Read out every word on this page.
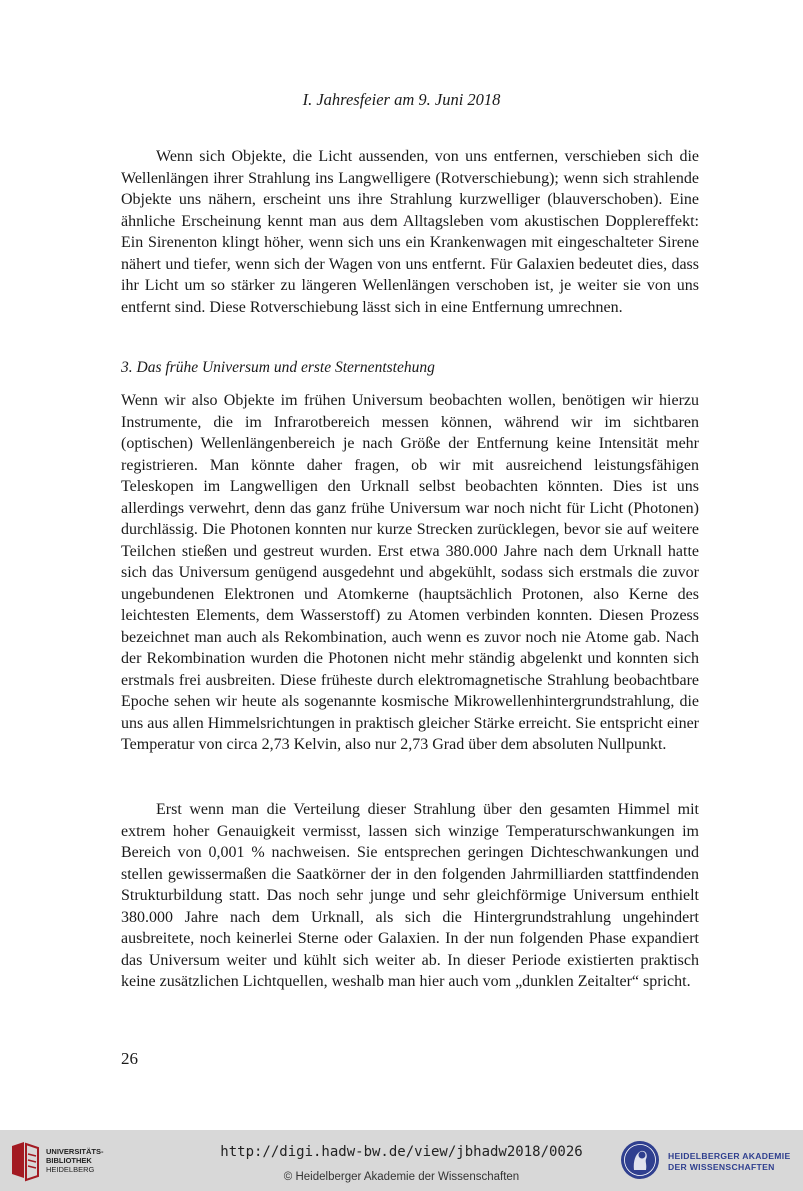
I. Jahresfeier am 9. Juni 2018

Wenn sich Objekte, die Licht aussenden, von uns entfernen, verschieben sich die Wellenlängen ihrer Strahlung ins Langwelligere (Rotverschiebung); wenn sich strahlende Objekte uns nähern, erscheint uns ihre Strahlung kurzwelliger (blauverschoben). Eine ähnliche Erscheinung kennt man aus dem Alltagsleben vom akustischen Dopplereffekt: Ein Sirenenton klingt höher, wenn sich uns ein Krankenwagen mit eingeschalteter Sirene nähert und tiefer, wenn sich der Wagen von uns entfernt. Für Galaxien bedeutet dies, dass ihr Licht um so stärker zu längeren Wellenlängen verschoben ist, je weiter sie von uns entfernt sind. Diese Rotverschiebung lässt sich in eine Entfernung umrechnen.

3. Das frühe Universum und erste Sternentstehung

Wenn wir also Objekte im frühen Universum beobachten wollen, benötigen wir hierzu Instrumente, die im Infrarotbereich messen können, während wir im sichtbaren (optischen) Wellenlängenbereich je nach Größe der Entfernung keine Intensität mehr registrieren. Man könnte daher fragen, ob wir mit ausreichend leistungsfähigen Teleskopen im Langwelligen den Urknall selbst beobachten könnten. Dies ist uns allerdings verwehrt, denn das ganz frühe Universum war noch nicht für Licht (Photonen) durchlässig. Die Photonen konnten nur kurze Strecken zurücklegen, bevor sie auf weitere Teilchen stießen und gestreut wurden. Erst etwa 380.000 Jahre nach dem Urknall hatte sich das Universum genügend ausgedehnt und abgekühlt, sodass sich erstmals die zuvor ungebundenen Elektronen und Atomkerne (hauptsächlich Protonen, also Kerne des leichtesten Elements, dem Wasserstoff) zu Atomen verbinden konnten. Diesen Prozess bezeichnet man auch als Rekombination, auch wenn es zuvor noch nie Atome gab. Nach der Rekombination wurden die Photonen nicht mehr ständig abgelenkt und konnten sich erstmals frei ausbreiten. Diese früheste durch elektromagnetische Strahlung beobachtbare Epoche sehen wir heute als sogenannte kosmische Mikrowellenhintergrundstrahlung, die uns aus allen Himmelsrichtungen in praktisch gleicher Stärke erreicht. Sie entspricht einer Temperatur von circa 2,73 Kelvin, also nur 2,73 Grad über dem absoluten Nullpunkt.

Erst wenn man die Verteilung dieser Strahlung über den gesamten Himmel mit extrem hoher Genauigkeit vermisst, lassen sich winzige Temperaturschwankungen im Bereich von 0,001 % nachweisen. Sie entsprechen geringen Dichteschwankungen und stellen gewissermaßen die Saatkörner der in den folgenden Jahrmilliarden stattfindenden Strukturbildung statt. Das noch sehr junge und sehr gleichförmige Universum enthielt 380.000 Jahre nach dem Urknall, als sich die Hintergrundstrahlung ungehindert ausbreitete, noch keinerlei Sterne oder Galaxien. In der nun folgenden Phase expandiert das Universum weiter und kühlt sich weiter ab. In dieser Periode existierten praktisch keine zusätzlichen Lichtquellen, weshalb man hier auch vom „dunklen Zeitalter“ spricht.

26
UNIVERSITÄTS-
BIBLIOTHEK
HEIDELBERG
http://digi.hadw-bw.de/view/jbhadw2018/0026
© Heidelberger Akademie der Wissenschaften
HEIDELBERGER AKADEMIE
DER WISSENSCHAFTEN
